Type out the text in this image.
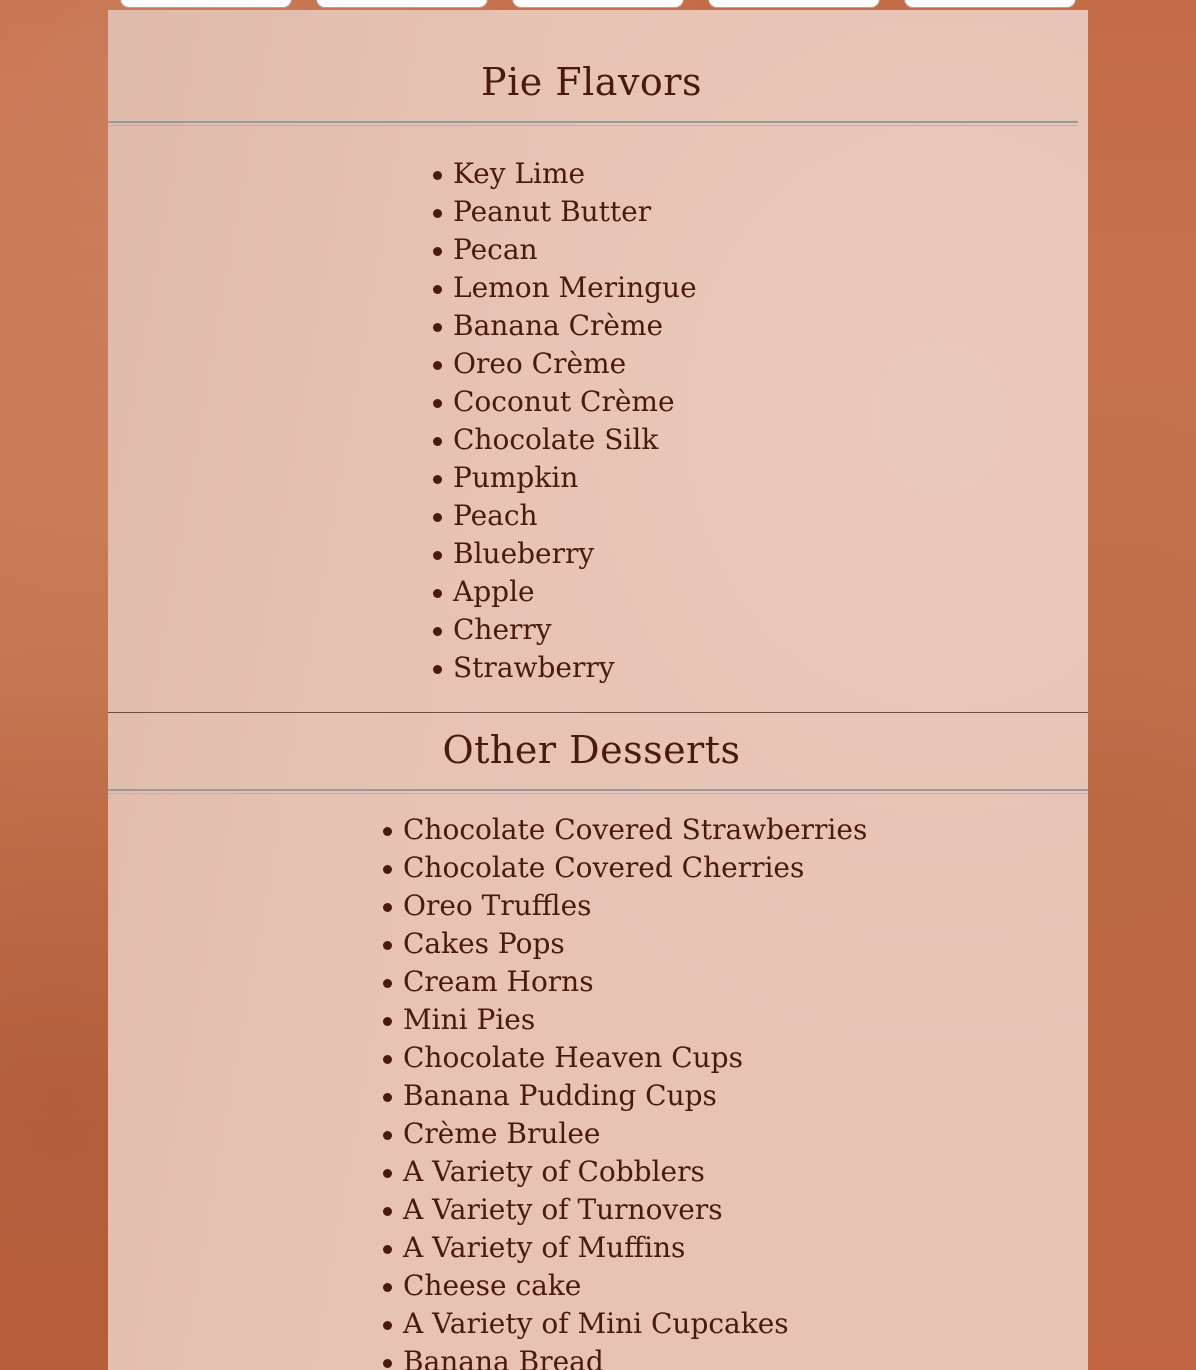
Pie Flavors
Key Lime
Peanut Butter
Pecan
Lemon Meringue
Banana Crème
Oreo Crème
Coconut Crème
Chocolate Silk
Pumpkin
Peach
Blueberry
Apple
Cherry
Strawberry
Other Desserts
Chocolate Covered Strawberries
Chocolate Covered Cherries
Oreo Truffles
Cakes Pops
Cream Horns
Mini Pies
Chocolate Heaven Cups
Banana Pudding Cups
Crème Brulee
A Variety of Cobblers
A Variety of Turnovers
A Variety of Muffins
Cheese cake
A Variety of Mini Cupcakes
Banana Bread
